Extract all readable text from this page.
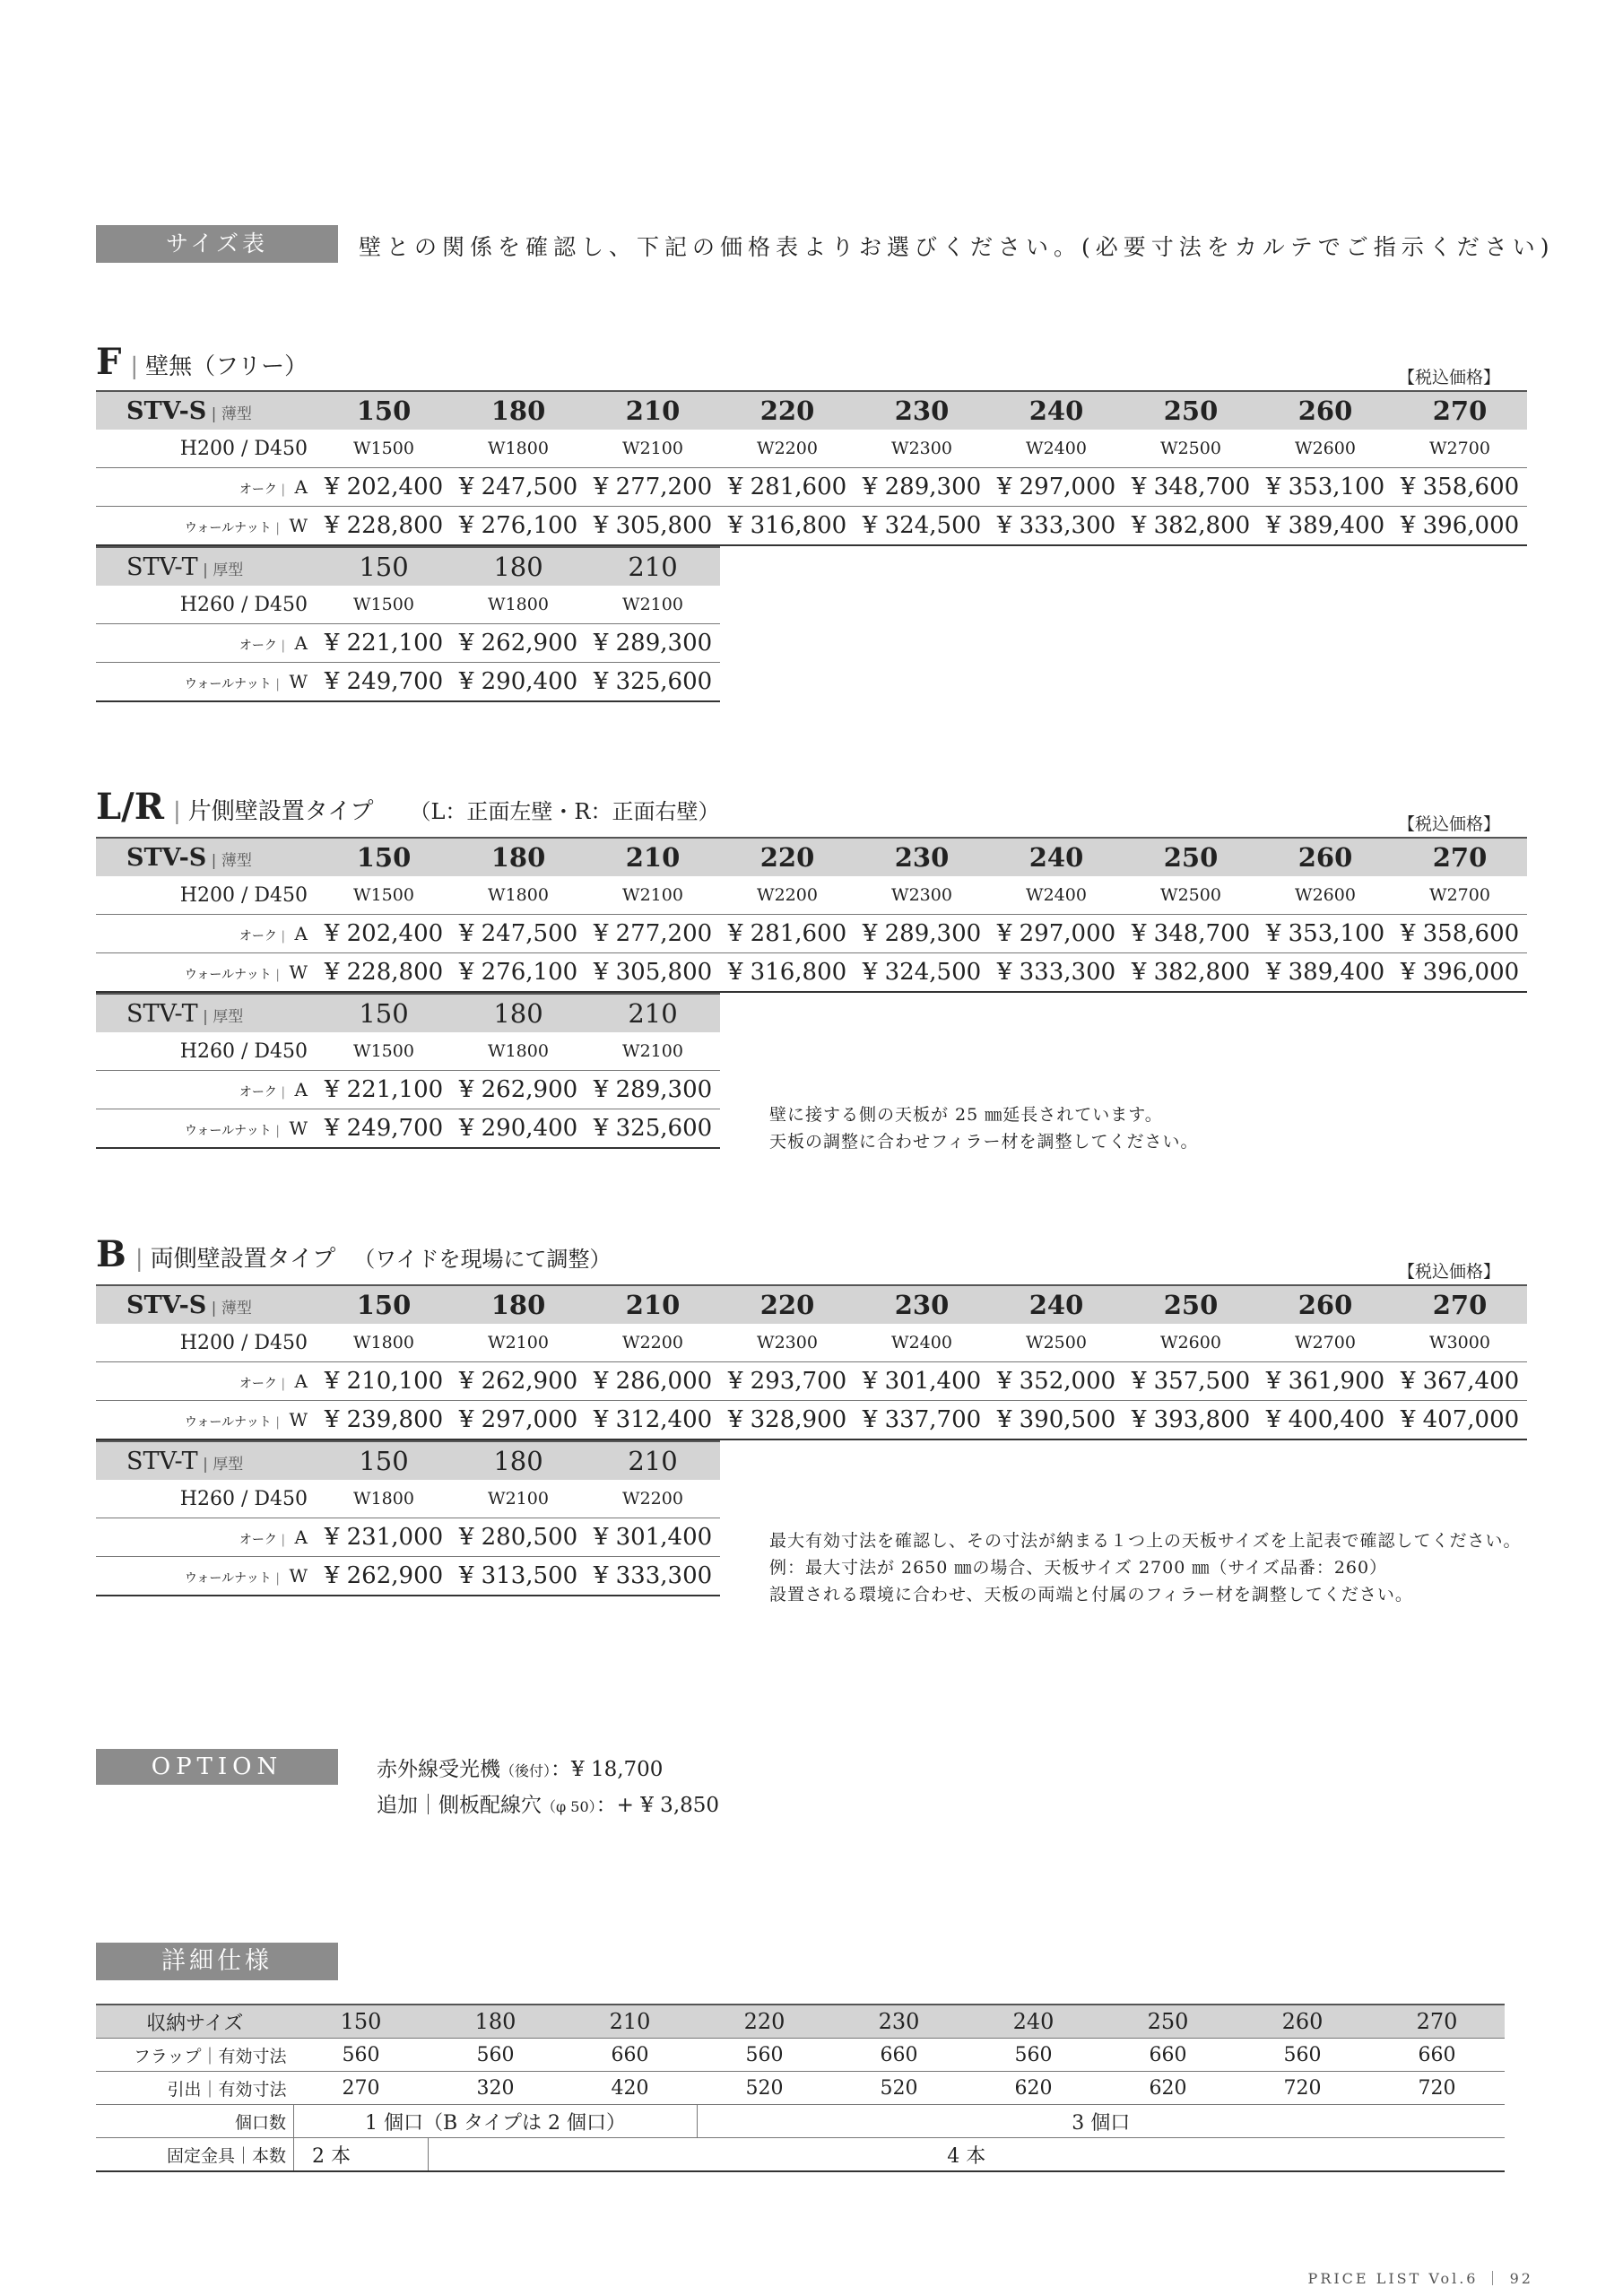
サイズ表	壁との関係を確認し、下記の価格表よりお選びください。(必要寸法をカルテでご指示ください)
F | 壁無（フリー）	【税込価格】
L/R | 片側壁設置タイプ （L：正面左壁・R：正面右壁）	【税込価格】
B | 両側壁設置タイプ （ワイドを現場にて調整）	【税込価格】
STV-S | 薄型	150	180	210	220	230	240	250	260	270
H200 / D450	W1500	W1800	W2100	W2200	W2300	W2400	W2500	W2600	W2700
オーク | A	¥ 202,400	¥ 247,500	¥ 277,200	¥ 281,600	¥ 289,300	¥ 297,000	¥ 348,700	¥ 353,100	¥ 358,600
ウォールナット | W	¥ 228,800	¥ 276,100	¥ 305,800	¥ 316,800	¥ 324,500	¥ 333,300	¥ 382,800	¥ 389,400	¥ 396,000
STV-T | 厚型	150	180	210
H260 / D450	W1500	W1800	W2100
オーク | A	¥ 221,100	¥ 262,900	¥ 289,300
ウォールナット | W	¥ 249,700	¥ 290,400	¥ 325,600
STV-S | 薄型	150	180	210	220	230	240	250	260	270
H200 / D450	W1500	W1800	W2100	W2200	W2300	W2400	W2500	W2600	W2700
オーク | A	¥ 202,400	¥ 247,500	¥ 277,200	¥ 281,600	¥ 289,300	¥ 297,000	¥ 348,700	¥ 353,100	¥ 358,600
ウォールナット | W	¥ 228,800	¥ 276,100	¥ 305,800	¥ 316,800	¥ 324,500	¥ 333,300	¥ 382,800	¥ 389,400	¥ 396,000
STV-T | 厚型	150	180	210
H260 / D450	W1500	W1800	W2100
オーク | A	¥ 221,100	¥ 262,900	¥ 289,300
ウォールナット | W	¥ 249,700	¥ 290,400	¥ 325,600
STV-S | 薄型	150	180	210	220	230	240	250	260	270
H200 / D450	W1800	W2100	W2200	W2300	W2400	W2500	W2600	W2700	W3000
オーク | A	¥ 210,100	¥ 262,900	¥ 286,000	¥ 293,700	¥ 301,400	¥ 352,000	¥ 357,500	¥ 361,900	¥ 367,400
ウォールナット | W	¥ 239,800	¥ 297,000	¥ 312,400	¥ 328,900	¥ 337,700	¥ 390,500	¥ 393,800	¥ 400,400	¥ 407,000
STV-T | 厚型	150	180	210
H260 / D450	W1800	W2100	W2200
オーク | A	¥ 231,000	¥ 280,500	¥ 301,400
ウォールナット | W	¥ 262,900	¥ 313,500	¥ 333,300
壁に接する側の天板が 25 ㎜延長されています。
天板の調整に合わせフィラー材を調整してください。
最大有効寸法を確認し、その寸法が納まる１つ上の天板サイズを上記表で確認してください。
例：最大寸法が 2650 ㎜の場合、天板サイズ 2700 ㎜（サイズ品番：260）
設置される環境に合わせ、天板の両端と付属のフィラー材を調整してください。
OPTION	赤外線受光機（後付）：¥ 18,700
追加｜側板配線穴（φ 50）：+ ¥ 3,850
詳細仕様
収納サイズ	150	180	210	220	230	240	250	260	270
フラップ｜有効寸法	560	560	660	560	660	560	660	560	660
引出｜有効寸法	270	320	420	520	520	620	620	720	720
個口数	1 個口（B タイプは 2 個口）			3 個口					
固定金具｜本数	2 本	4 本							
PRICE LIST Vol.6 ｜ 92
